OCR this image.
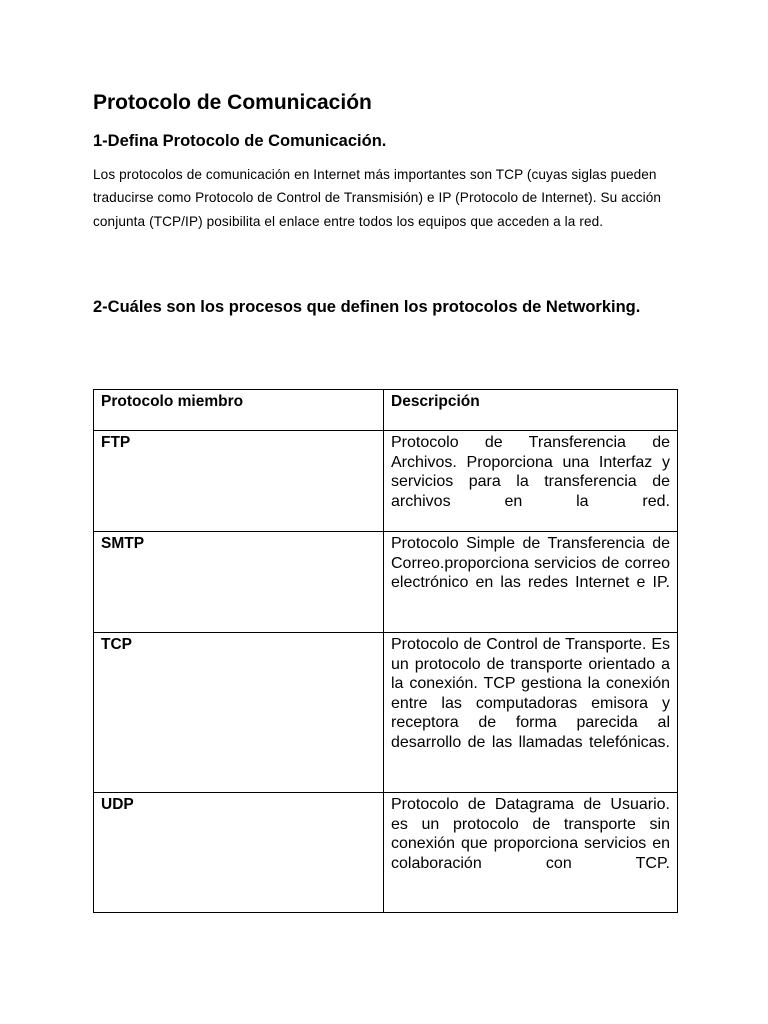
Protocolo de Comunicación
1-Defina Protocolo de Comunicación.

Los protocolos de comunicación en Internet más importantes son TCP (cuyas siglas pueden traducirse como Protocolo de Control de Transmisión) e IP (Protocolo de Internet). Su acción conjunta (TCP/IP) posibilita el enlace entre todos los equipos que acceden a la red.

2-Cuáles son los procesos que definen los protocolos de Networking.
Protocolo miembro	Descripción
FTP	Protocolo de Transferencia de Archivos. Proporciona una Interfaz y servicios para la transferencia de archivos en la red.
SMTP	Protocolo Simple de Transferencia de Correo.proporciona servicios de correo electrónico en las redes Internet e IP.
TCP	Protocolo de Control de Transporte. Es un protocolo de transporte orientado a la conexión. TCP gestiona la conexión entre las computadoras emisora y receptora de forma parecida al desarrollo de las llamadas telefónicas.
UDP	Protocolo de Datagrama de Usuario. es un protocolo de transporte sin conexión que proporciona servicios en colaboración con TCP.
